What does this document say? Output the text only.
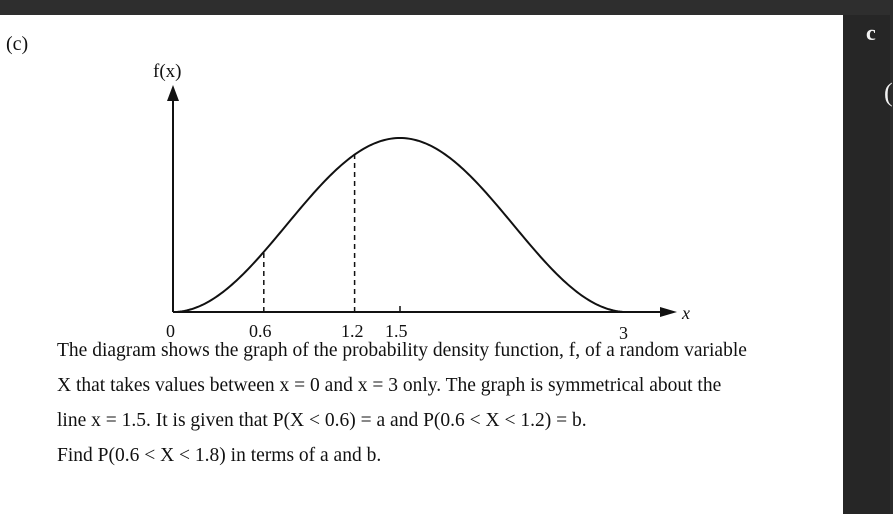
(c)
f(x)
x
0	0.6	1.2 1.5	3

The diagram shows the graph of the probability density function, f, of a random variable

X that takes values between x = 0 and x = 3 only. The graph is symmetrical about the

line x = 1.5. It is given that P(X < 0.6) = a and P(0.6 < X < 1.2) = b.

Find P(0.6 < X < 1.8) in terms of a and b.

c
(
